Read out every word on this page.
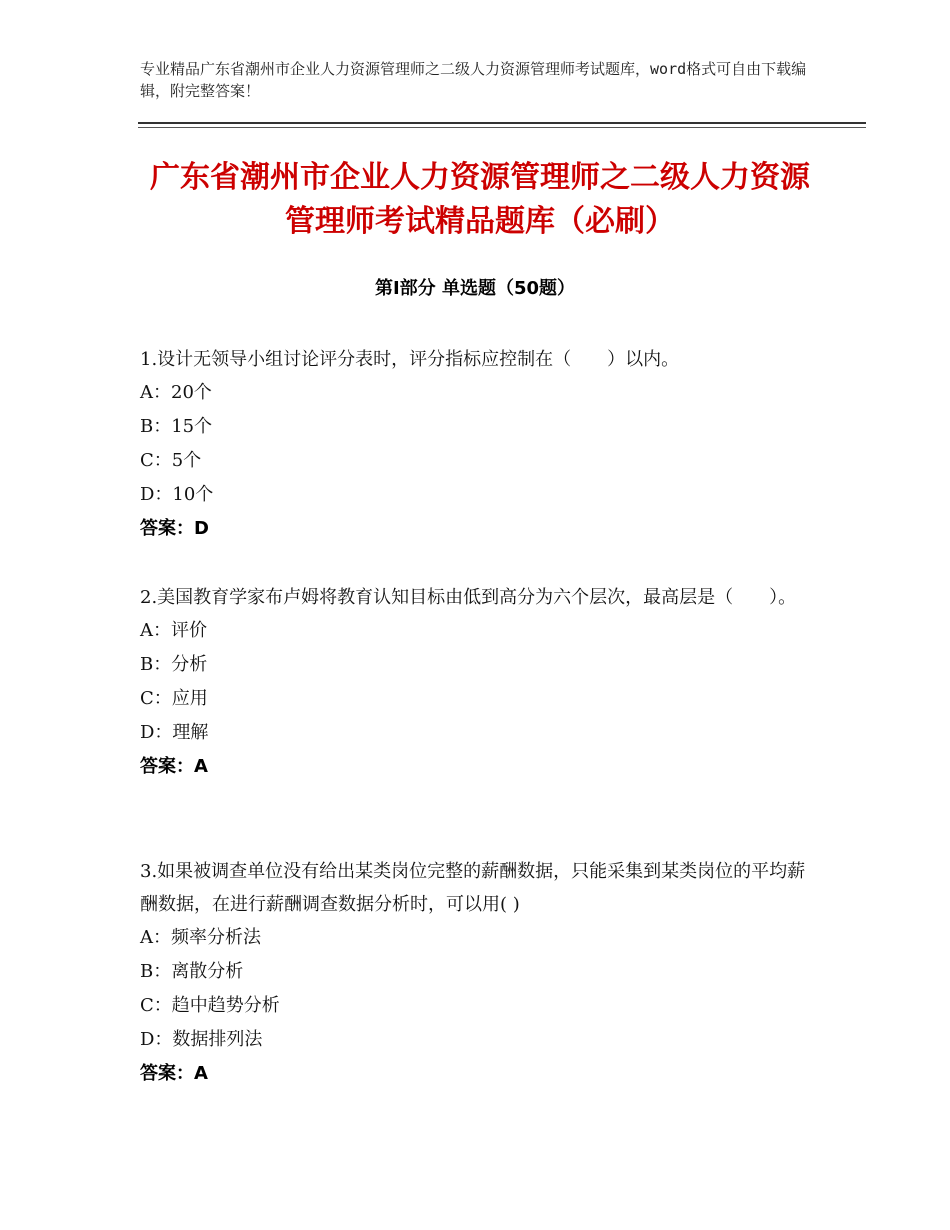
专业精品广东省潮州市企业人力资源管理师之二级人力资源管理师考试题库，word格式可自由下载编辑，附完整答案！
广东省潮州市企业人力资源管理师之二级人力资源管理师考试精品题库（必刷）
第Ⅰ部分 单选题（50题）

1.设计无领导小组讨论评分表时，评分指标应控制在（　　）以内。

A：20个

B：15个

C：5个

D：10个

答案：D

2.美国教育学家布卢姆将教育认知目标由低到高分为六个层次，最高层是（　　）。

A：评价

B：分析

C：应用

D：理解

答案：A

3.如果被调查单位没有给出某类岗位完整的薪酬数据，只能采集到某类岗位的平均薪酬数据，在进行薪酬调查数据分析时，可以用( )

A：频率分析法

B：离散分析

C：趋中趋势分析

D：数据排列法

答案：A
